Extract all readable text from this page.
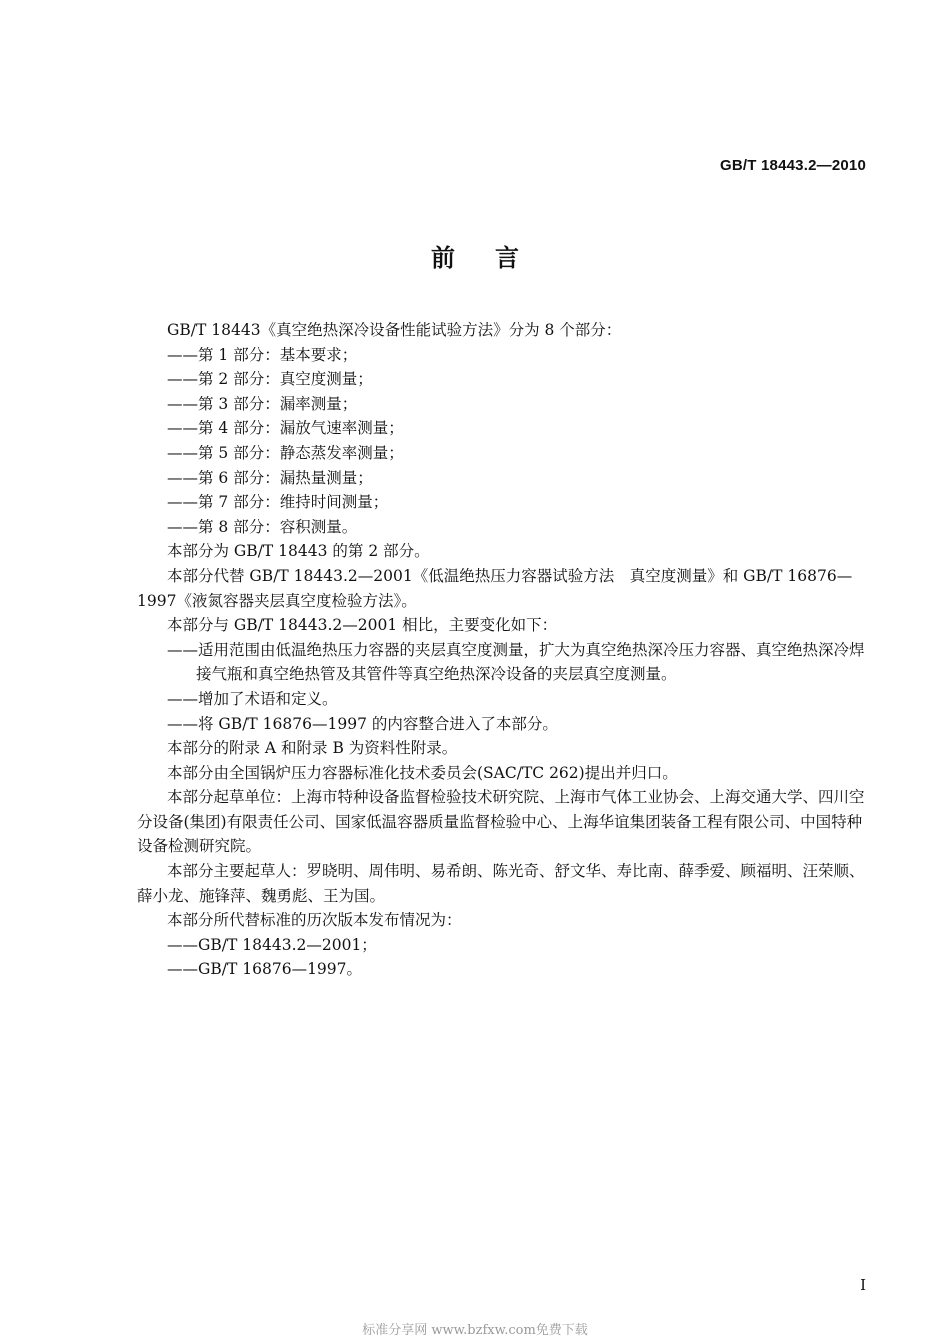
GB/T 18443.2—2010
前言

GB/T 18443《真空绝热深冷设备性能试验方法》分为 8 个部分：

——第 1 部分：基本要求；

——第 2 部分：真空度测量；

——第 3 部分：漏率测量；

——第 4 部分：漏放气速率测量；

——第 5 部分：静态蒸发率测量；

——第 6 部分：漏热量测量；

——第 7 部分：维持时间测量；

——第 8 部分：容积测量。

本部分为 GB/T 18443 的第 2 部分。

本部分代替 GB/T 18443.2—2001《低温绝热压力容器试验方法　真空度测量》和 GB/T 16876—1997《液氮容器夹层真空度检验方法》。

本部分与 GB/T 18443.2—2001 相比，主要变化如下：

——适用范围由低温绝热压力容器的夹层真空度测量，扩大为真空绝热深冷压力容器、真空绝热深冷焊接气瓶和真空绝热管及其管件等真空绝热深冷设备的夹层真空度测量。

——增加了术语和定义。

——将 GB/T 16876—1997 的内容整合进入了本部分。

本部分的附录 A 和附录 B 为资料性附录。

本部分由全国锅炉压力容器标准化技术委员会(SAC/TC 262)提出并归口。

本部分起草单位：上海市特种设备监督检验技术研究院、上海市气体工业协会、上海交通大学、四川空分设备(集团)有限责任公司、国家低温容器质量监督检验中心、上海华谊集团装备工程有限公司、中国特种设备检测研究院。

本部分主要起草人：罗晓明、周伟明、易希朗、陈光奇、舒文华、寿比南、薛季爱、顾福明、汪荣顺、薛小龙、施锋萍、魏勇彪、王为国。

本部分所代替标准的历次版本发布情况为：

——GB/T 18443.2—2001；

——GB/T 16876—1997。

I
标准分享网 www.bzfxw.com免费下载
